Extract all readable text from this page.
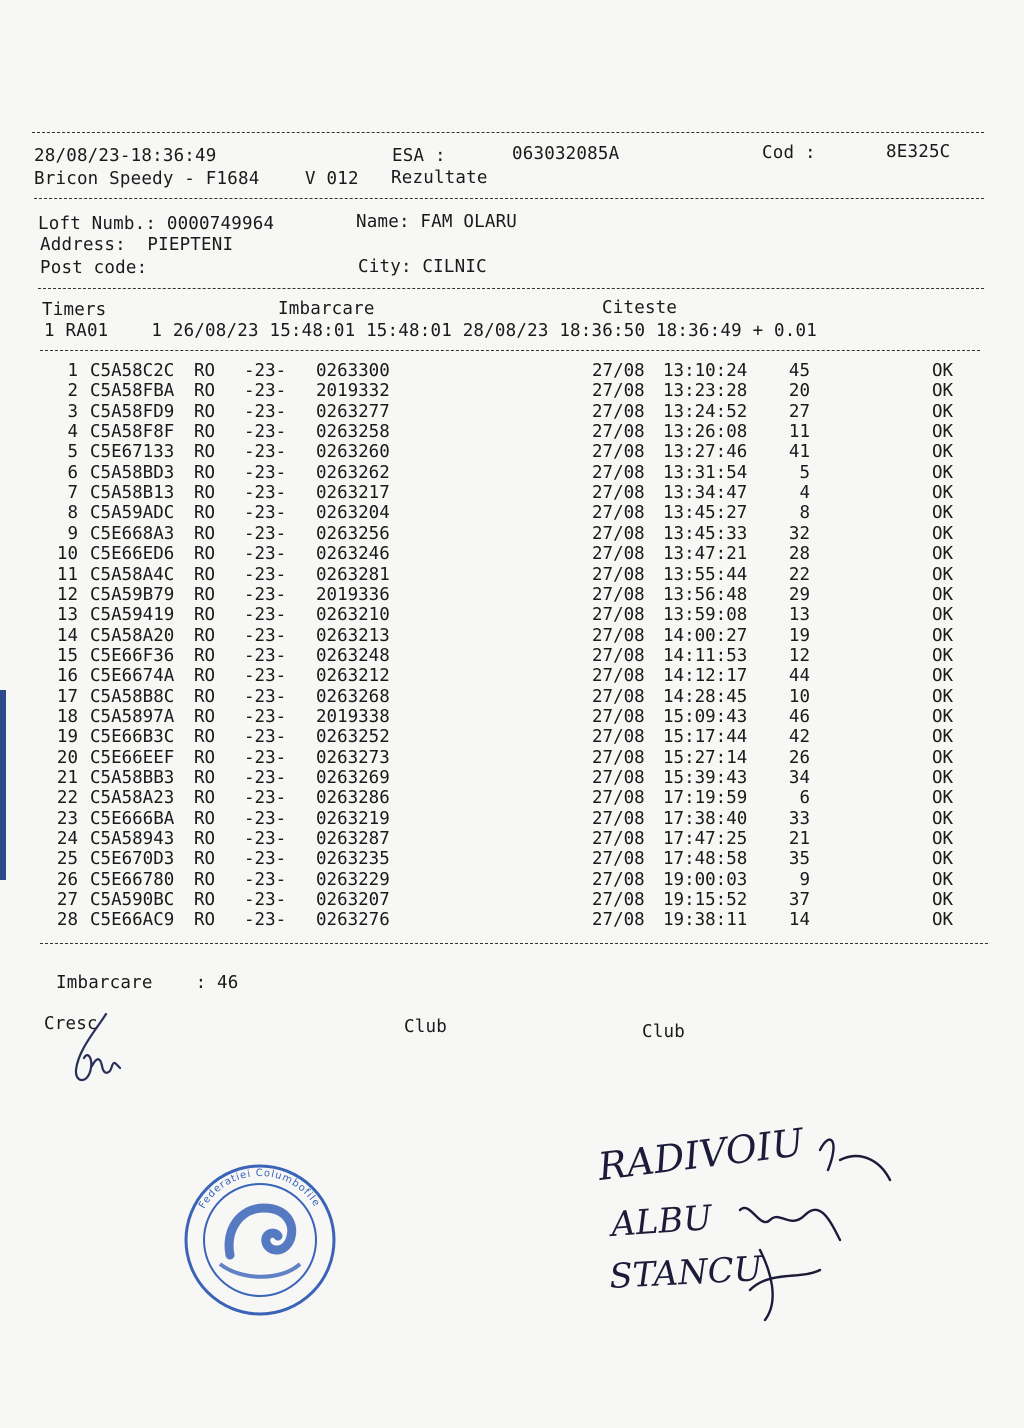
28/08/23-18:36:49	ESA :	063032085A	Cod :	8E325C
Bricon Speedy - F1684	V 012 Rezultate
Loft Numb.: 0000749964	Name: FAM OLARU
Address:  PIEPTENI
Post code:	City: CILNIC
Timers	Imbarcare	Citeste
1 RA01    1 26/08/23 15:48:01 15:48:01 28/08/23 18:36:50 18:36:49 + 0.01
1 C5A58C2C RO -23- 0263300	27/08 13:10:24	45	OK
2 C5A58FBA RO -23- 2019332	27/08 13:23:28	20	OK
3 C5A58FD9 RO -23- 0263277	27/08 13:24:52	27	OK
4 C5A58F8F RO -23- 0263258	27/08 13:26:08	11	OK
5 C5E67133 RO -23- 0263260	27/08 13:27:46	41	OK
6 C5A58BD3 RO -23- 0263262	27/08 13:31:54	5	OK
7 C5A58B13 RO -23- 0263217	27/08 13:34:47	4	OK
8 C5A59ADC RO -23- 0263204	27/08 13:45:27	8	OK
9 C5E668A3 RO -23- 0263256	27/08 13:45:33	32	OK
10 C5E66ED6 RO -23- 0263246	27/08 13:47:21	28	OK
11 C5A58A4C RO -23- 0263281	27/08 13:55:44	22	OK
12 C5A59B79 RO -23- 2019336	27/08 13:56:48	29	OK
13 C5A59419 RO -23- 0263210	27/08 13:59:08	13	OK
14 C5A58A20 RO -23- 0263213	27/08 14:00:27	19	OK
15 C5E66F36 RO -23- 0263248	27/08 14:11:53	12	OK
16 C5E6674A RO -23- 0263212	27/08 14:12:17	44	OK
17 C5A58B8C RO -23- 0263268	27/08 14:28:45	10	OK
18 C5A5897A RO -23- 2019338	27/08 15:09:43	46	OK
19 C5E66B3C RO -23- 0263252	27/08 15:17:44	42	OK
20 C5E66EEF RO -23- 0263273	27/08 15:27:14	26	OK
21 C5A58BB3 RO -23- 0263269	27/08 15:39:43	34	OK
22 C5A58A23 RO -23- 0263286	27/08 17:19:59	6	OK
23 C5E666BA RO -23- 0263219	27/08 17:38:40	33	OK
24 C5A58943 RO -23- 0263287	27/08 17:47:25	21	OK
25 C5E670D3 RO -23- 0263235	27/08 17:48:58	35	OK
26 C5E66780 RO -23- 0263229	27/08 19:00:03	9	OK
27 C5A590BC RO -23- 0263207	27/08 19:15:52	37	OK
28 C5E66AC9 RO -23- 0263276	27/08 19:38:11	14	OK
Imbarcare    : 46
Cresc	Club	Club
Federatiei Columbofile
RADIVOIU
ALBU
STANCU
